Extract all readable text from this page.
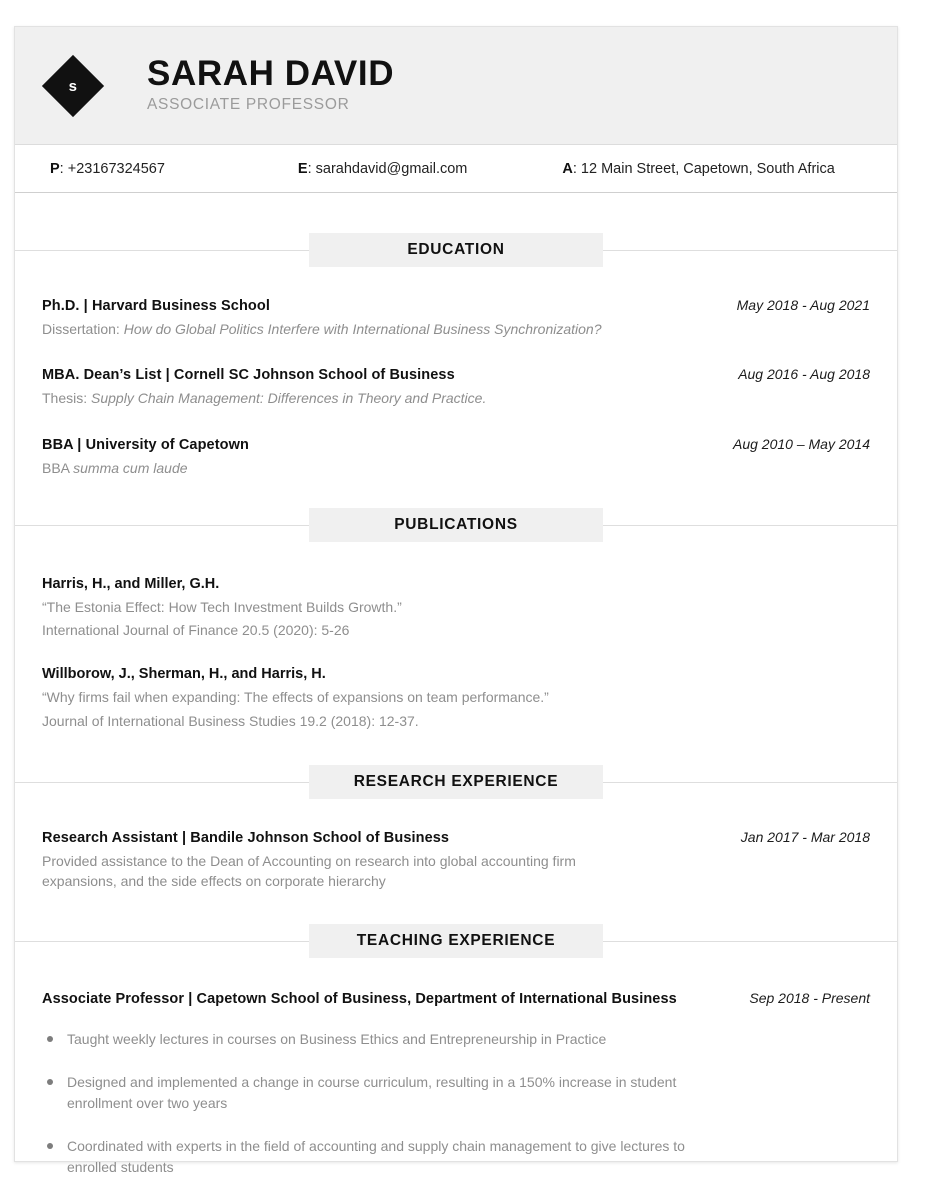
s SARAH DAVID
ASSOCIATE PROFESSOR
P: +23167324567	E: sarahdavid@gmail.com	A: 12 Main Street, Capetown, South Africa
EDUCATION
Ph.D. | Harvard Business School	May 2018 - Aug 2021
Dissertation: How do Global Politics Interfere with International Business Synchronization?
MBA. Dean’s List | Cornell SC Johnson School of Business	Aug 2016 - Aug 2018
Thesis: Supply Chain Management: Differences in Theory and Practice.
BBA | University of Capetown	Aug 2010 – May 2014
BBA summa cum laude
PUBLICATIONS
Harris, H., and Miller, G.H.
“The Estonia Effect: How Tech Investment Builds Growth.”
International Journal of Finance 20.5 (2020): 5-26
Willborow, J., Sherman, H., and Harris, H.
“Why firms fail when expanding: The effects of expansions on team performance.”
Journal of International Business Studies 19.2 (2018): 12-37.
RESEARCH EXPERIENCE
Research Assistant | Bandile Johnson School of Business	Jan 2017 - Mar 2018
Provided assistance to the Dean of Accounting on research into global accounting firm expansions, and the side effects on corporate hierarchy
TEACHING EXPERIENCE
Associate Professor | Capetown School of Business, Department of International Business	Sep 2018 - Present
Taught weekly lectures in courses on Business Ethics and Entrepreneurship in Practice
Designed and implemented a change in course curriculum, resulting in a 150% increase in student enrollment over two years
Coordinated with experts in the field of accounting and supply chain management to give lectures to enrolled students
